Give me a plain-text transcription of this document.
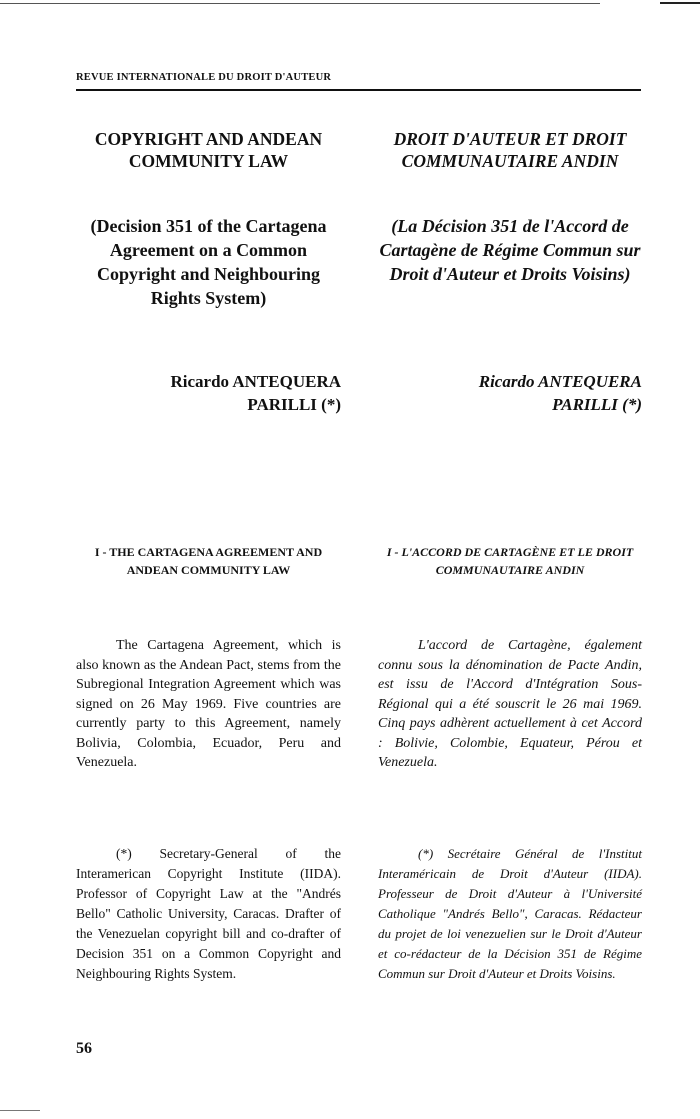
REVUE INTERNATIONALE DU DROIT D'AUTEUR
COPYRIGHT AND ANDEAN COMMUNITY LAW
(Decision 351 of the Cartagena Agreement on a Common Copyright and Neighbouring Rights System)
Ricardo ANTEQUERA
PARILLI (*)
I - THE CARTAGENA AGREEMENT AND ANDEAN COMMUNITY LAW
The Cartagena Agreement, which is also known as the Andean Pact, stems from the Subregional Integration Agreement which was signed on 26 May 1969. Five countries are currently party to this Agreement, namely Bolivia, Colombia, Ecuador, Peru and Venezuela.
(*) Secretary-General of the Interamerican Copyright Institute (IIDA). Professor of Copyright Law at the "Andrés Bello" Catholic University, Caracas. Drafter of the Venezuelan copyright bill and co-drafter of Decision 351 on a Common Copyright and Neighbouring Rights System.
DROIT D'AUTEUR ET DROIT COMMUNAUTAIRE ANDIN
(La Décision 351 de l'Accord de Cartagène de Régime Commun sur Droit d'Auteur et Droits Voisins)
Ricardo ANTEQUERA
PARILLI (*)
I - L'ACCORD DE CARTAGÈNE ET LE DROIT COMMUNAUTAIRE ANDIN
L'accord de Cartagène, également connu sous la dénomination de Pacte Andin, est issu de l'Accord d'Intégration Sous-Régional qui a été souscrit le 26 mai 1969. Cinq pays adhèrent actuellement à cet Accord : Bolivie, Colombie, Equateur, Pérou et Venezuela.
(*) Secrétaire Général de l'Institut Interaméricain de Droit d'Auteur (IIDA). Professeur de Droit d'Auteur à l'Université Catholique "Andrés Bello", Caracas. Rédacteur du projet de loi venezuelien sur le Droit d'Auteur et co-rédacteur de la Décision 351 de Régime Commun sur Droit d'Auteur et Droits Voisins.
56
